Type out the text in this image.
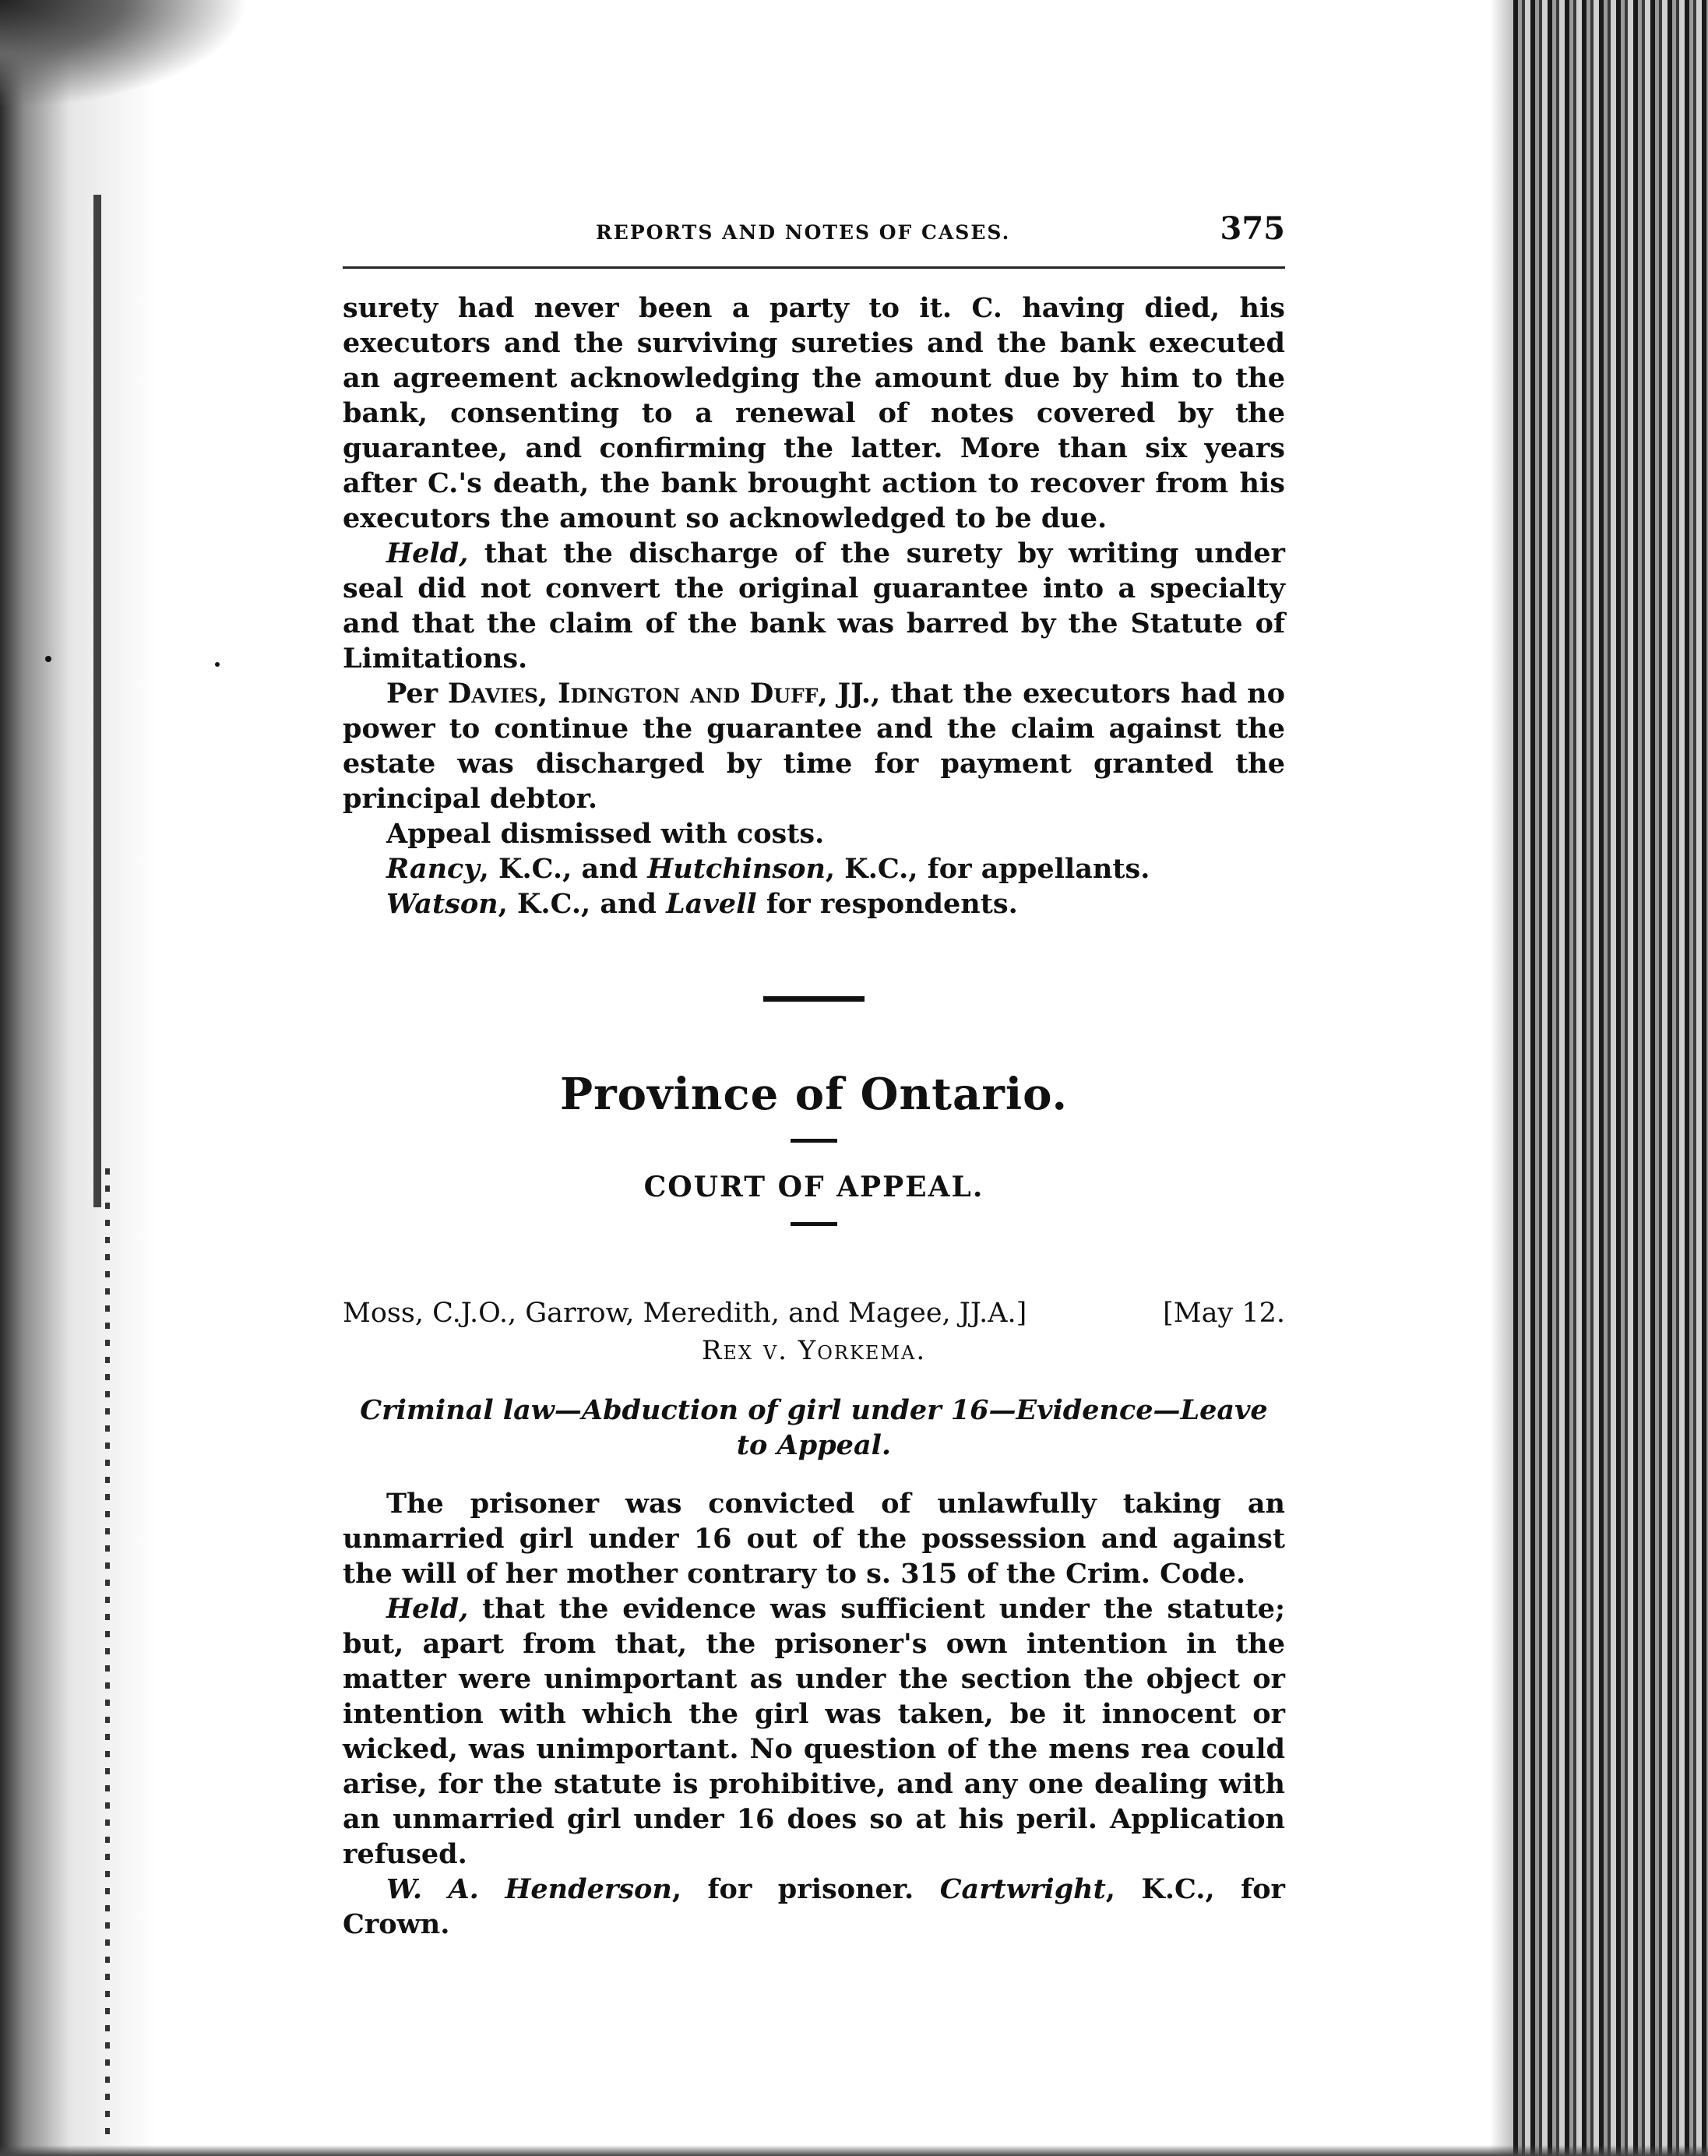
REPORTS AND NOTES OF CASES.	375

surety had never been a party to it. C. having died, his executors and the surviving sureties and the bank executed an agreement acknowledging the amount due by him to the bank, consenting to a renewal of notes covered by the guarantee, and confirming the latter. More than six years after C.'s death, the bank brought action to recover from his executors the amount so acknowledged to be due.

Held, that the discharge of the surety by writing under seal did not convert the original guarantee into a specialty and that the claim of the bank was barred by the Statute of Limitations.

Per Davies, Idington and Duff, JJ., that the executors had no power to continue the guarantee and the claim against the estate was discharged by time for payment granted the principal debtor.

Appeal dismissed with costs.

Rancy, K.C., and Hutchinson, K.C., for appellants.

Watson, K.C., and Lavell for respondents.

Province of Ontario.
COURT OF APPEAL.
Moss, C.J.O., Garrow, Meredith, and Magee, JJ.A.]	[May 12.
Rex v. Yorkema.
Criminal law—Abduction of girl under 16—Evidence—Leave to Appeal.

The prisoner was convicted of unlawfully taking an unmarried girl under 16 out of the possession and against the will of her mother contrary to s. 315 of the Crim. Code.

Held, that the evidence was sufficient under the statute; but, apart from that, the prisoner's own intention in the matter were unimportant as under the section the object or intention with which the girl was taken, be it innocent or wicked, was unimportant. No question of the mens rea could arise, for the statute is prohibitive, and any one dealing with an unmarried girl under 16 does so at his peril. Application refused.

W. A. Henderson, for prisoner. Cartwright, K.C., for Crown.
